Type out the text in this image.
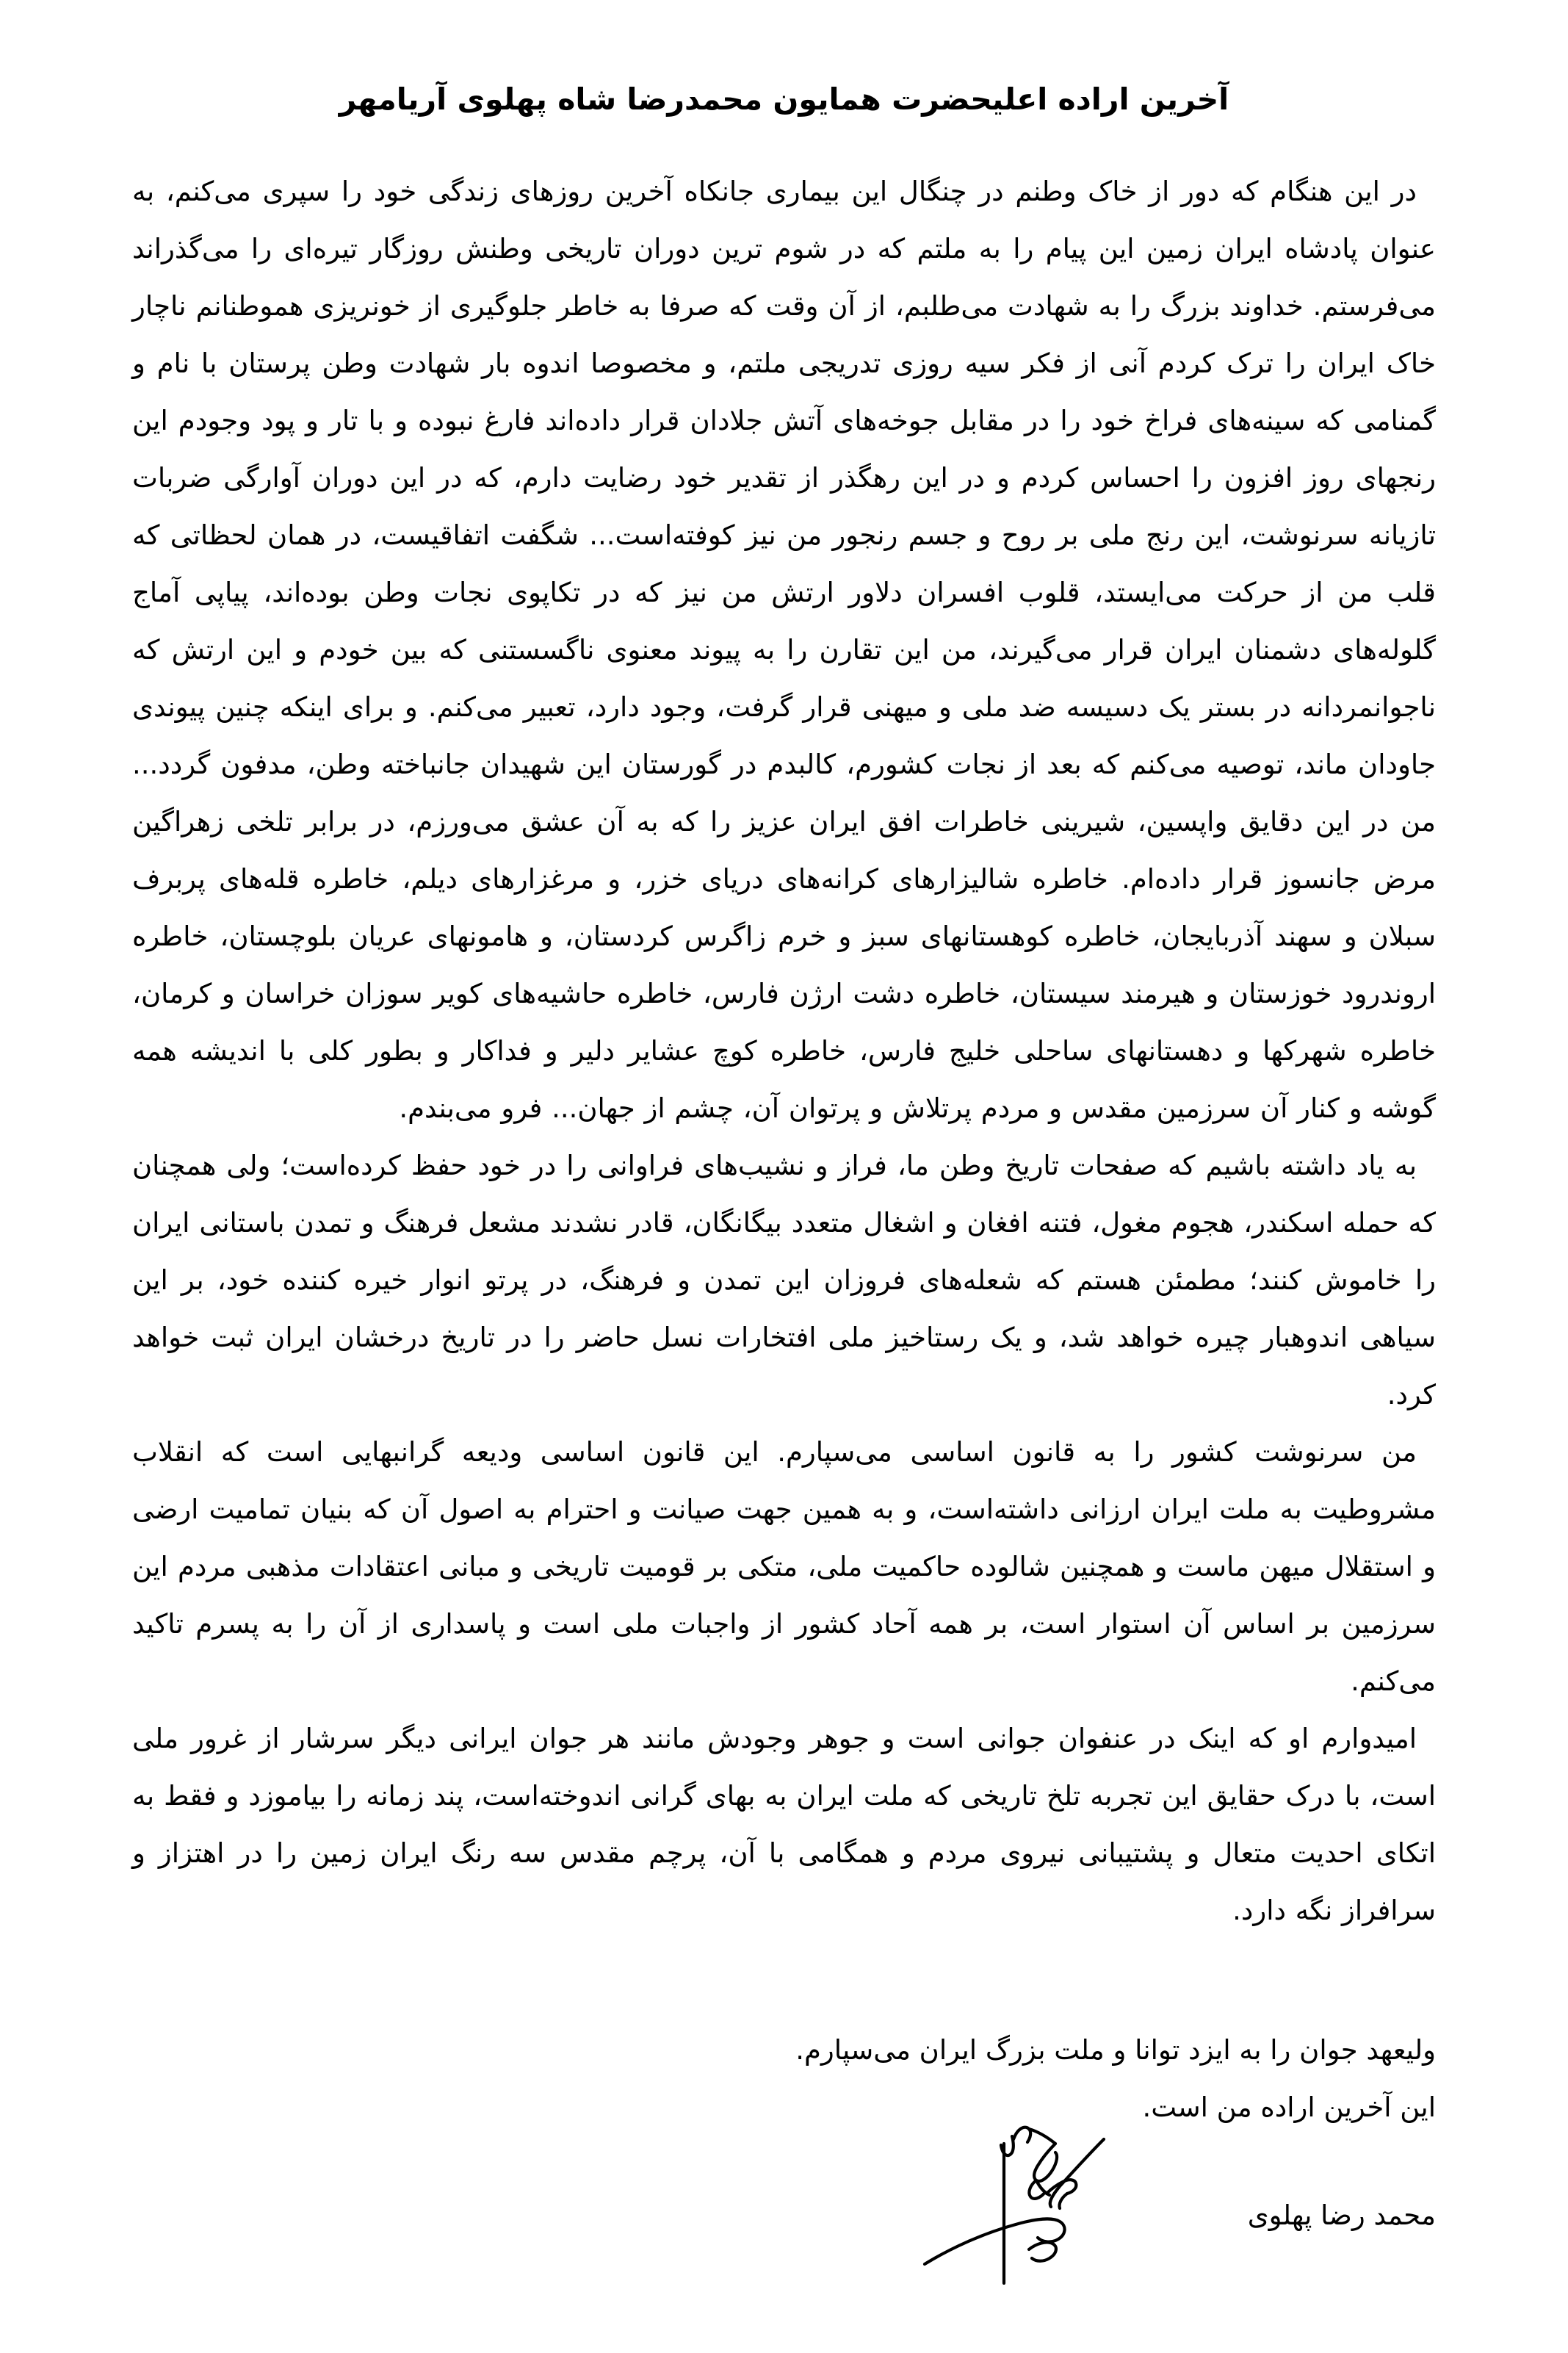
آخرین اراده اعلیحضرت همایون محمدرضا شاه پهلوی آریامهر

در این هنگام که دور از خاک وطنم در چنگال این بیماری جانکاه آخرین روزهای زندگی خود را سپری می‌کنم، به عنوان پادشاه ایران زمین این پیام را به ملتم که در شوم ترین دوران تاریخی وطنش روزگار تیره‌ای را می‌گذراند می‌فرستم. خداوند بزرگ را به شهادت می‌طلبم، از آن وقت که صرفا به خاطر جلوگیری از خونریزی هموطنانم ناچار خاک ایران را ترک کردم آنی از فکر سیه روزی تدریجی ملتم، و مخصوصا اندوه بار شهادت وطن پرستان با نام و گمنامی که سینه‌های فراخ خود را در مقابل جوخه‌های آتش جلادان قرار داده‌اند فارغ نبوده و با تار و پود وجودم این رنجهای روز افزون را احساس کردم و در این رهگذر از تقدیر خود رضایت دارم، که در این دوران آوارگی ضربات تازیانه سرنوشت، این رنج ملی بر روح و جسم رنجور من نیز کوفته‌است... شگفت اتفاقیست، در همان لحظاتی که قلب من از حرکت می‌ایستد، قلوب افسران دلاور ارتش من نیز که در تکاپوی نجات وطن بوده‌اند، پیاپی آماج گلوله‌های دشمنان ایران قرار می‌گیرند، من این تقارن را به پیوند معنوی ناگسستنی که بین خودم و این ارتش که ناجوانمردانه در بستر یک دسیسه ضد ملی و میهنی قرار گرفت، وجود دارد، تعبیر می‌کنم. و برای اینکه چنین پیوندی جاودان ماند، توصیه می‌کنم که بعد از نجات کشورم، کالبدم در گورستان این شهیدان جانباخته وطن، مدفون گردد... من در این دقایق واپسین، شیرینی خاطرات افق ایران عزیز را که به آن عشق می‌ورزم، در برابر تلخی زهراگین مرض جانسوز قرار داده‌ام. خاطره شالیزارهای کرانه‌های دریای خزر، و مرغزارهای دیلم، خاطره قله‌های پربرف سبلان و سهند آذربایجان، خاطره کوهستانهای سبز و خرم زاگرس کردستان، و هامونهای عریان بلوچستان، خاطره اروندرود خوزستان و هیرمند سیستان، خاطره دشت ارژن فارس، خاطره حاشیه‌های کویر سوزان خراسان و کرمان، خاطره شهرکها و دهستانهای ساحلی خلیج فارس، خاطره کوچ عشایر دلیر و فداکار و بطور کلی با اندیشه همه گوشه و کنار آن سرزمین مقدس و مردم پرتلاش و پرتوان آن، چشم از جهان... فرو می‌بندم.

به یاد داشته باشیم که صفحات تاریخ وطن ما، فراز و نشیب‌های فراوانی را در خود حفظ کرده‌است؛ ولی همچنان که حمله اسکندر، هجوم مغول، فتنه افغان و اشغال متعدد بیگانگان، قادر نشدند مشعل فرهنگ و تمدن باستانی ایران را خاموش کنند؛ مطمئن هستم که شعله‌های فروزان این تمدن و فرهنگ، در پرتو انوار خیره کننده خود، بر این سیاهی اندوهبار چیره خواهد شد، و یک رستاخیز ملی افتخارات نسل حاضر را در تاریخ درخشان ایران ثبت خواهد کرد.

من سرنوشت کشور را به قانون اساسی می‌سپارم. این قانون اساسی ودیعه گرانبهایی است که انقلاب مشروطیت به ملت ایران ارزانی داشته‌است، و به همین جهت صیانت و احترام به اصول آن که بنیان تمامیت ارضی و استقلال میهن ماست و همچنین شالوده حاکمیت ملی، متکی بر قومیت تاریخی و مبانی اعتقادات مذهبی مردم این سرزمین بر اساس آن استوار است، بر همه آحاد کشور از واجبات ملی است و پاسداری از آن را به پسرم تاکید می‌کنم.

امیدوارم او که اینک در عنفوان جوانی است و جوهر وجودش مانند هر جوان ایرانی دیگر سرشار از غرور ملی است، با درک حقایق این تجربه تلخ تاریخی که ملت ایران به بهای گرانی اندوخته‌است، پند زمانه را بیاموزد و فقط به اتکای احدیت متعال و پشتیبانی نیروی مردم و همگامی با آن، پرچم مقدس سه رنگ ایران زمین را در اهتزاز و سرافراز نگه دارد.

ولیعهد جوان را به ایزد توانا و ملت بزرگ ایران می‌سپارم.

این آخرین اراده من است.

محمد رضا پهلوی
